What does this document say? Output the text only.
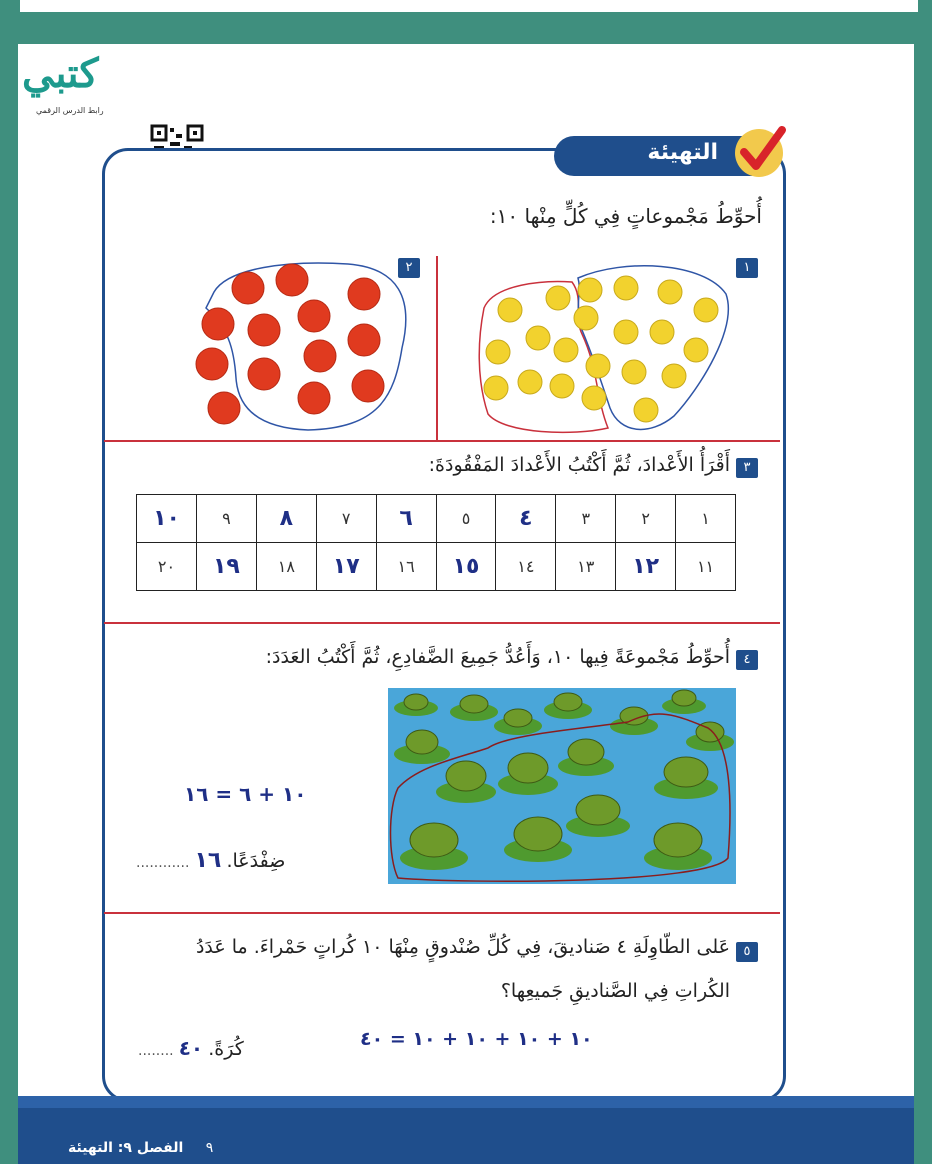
كتبي
رابط الدرس الرقمي
التهيئة
أُحوِّطُ مَجْموعاتٍ فِي كُلٍّ مِنْها ١٠:
٢	١
٣
أَقْرَأُ الأَعْدادَ، ثُمَّ أَكْتُبُ الأَعْدادَ المَفْقُودَةَ:
١	٢	٣	٤	٥	٦	٧	٨	٩	١٠
١١	١٢	١٣	١٤	١٥	١٦	١٧	١٨	١٩	٢٠
٤
أُحوِّطُ مَجْموعَةً فِيها ١٠، وَأَعُدُّ جَمِيعَ الضَّفادِعِ، ثُمَّ أَكْتُبُ العَدَدَ:
١٠ + ٦ = ١٦
ضِفْدَعًا. ١٦ ............
٥
عَلى الطّاوِلَةِ ٤ صَناديقَ، فِي كُلِّ صُنْدوقٍ مِنْهَا ١٠ كُراتٍ حَمْراءَ. ما عَدَدُ
الكُراتِ فِي الصَّناديقِ جَميعِها؟
١٠ + ١٠ + ١٠ + ١٠ = ٤٠
كُرَةً. ٤٠ ........
٩ الفصل ٩: التهيئة
